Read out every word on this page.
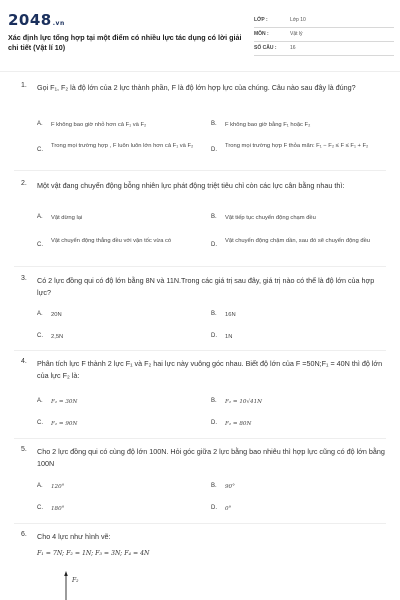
2048.vn
Xác định lực tổng hợp tại một điểm có nhiều lực tác dụng có lời giải chi tiết (Vật lí 10)
LỚP :	Lớp 10
MÔN :	Vật lý
SỐ CÂU :	16
1. Gọi F₁, F₂ là độ lớn của 2 lực thành phần, F là độ lớn hợp lực của chúng. Câu nào sau đây là đúng?
A. F không bao giờ nhỏ hơn cả F₁ và F₂	B. F không bao giờ bằng F₁ hoặc F₂
C.
Trong mọi trường hợp , F luôn luôn lớn hơn cả F₁ và F₂
D.
Trong mọi trường hợp F thỏa mãn: F₁ − F₂ ≤ F ≤ F₁ + F₂
2. Một vật đang chuyển động bỗng nhiên lực phát động triệt tiêu chỉ còn các lực cân bằng nhau thì:
A. Vật dừng lại	B. Vật tiếp tục chuyển động chạm đều
C.
Vật chuyển động thẳng đều với vận tốc vừa có
D.
Vật chuyển động chậm dần, sau đó sẽ chuyển động đều
3. Có 2 lực đồng qui có độ lớn bằng 8N và 11N.Trong các giá trị sau đây, giá trị nào có thể là độ lớn của hợp lực?
A. 20N	B. 16N
C. 2,5N	D. 1N
4. Phân tích lực F thành 2 lực F₁ và F₂ hai lực này vuông góc nhau. Biết độ lớn của F =50N;F₁ = 40N thì độ lớn của lực F₂ là:
A. F₂ = 30N	B. F₂ = 10√41N
C. F₂ = 90N	D. F₂ = 80N
5. Cho 2 lực đồng qui có cùng độ lớn 100N. Hỏi góc giữa 2 lực bằng bao nhiêu thì hợp lực cũng có độ lớn bằng 100N
A. 120°	B. 90°
C. 180°	D. 0°
6. Cho 4 lực như hình vẽ:
F₁ = 7N; F₂ = 1N; F₃ = 3N; F₄ = 4N
F₂
